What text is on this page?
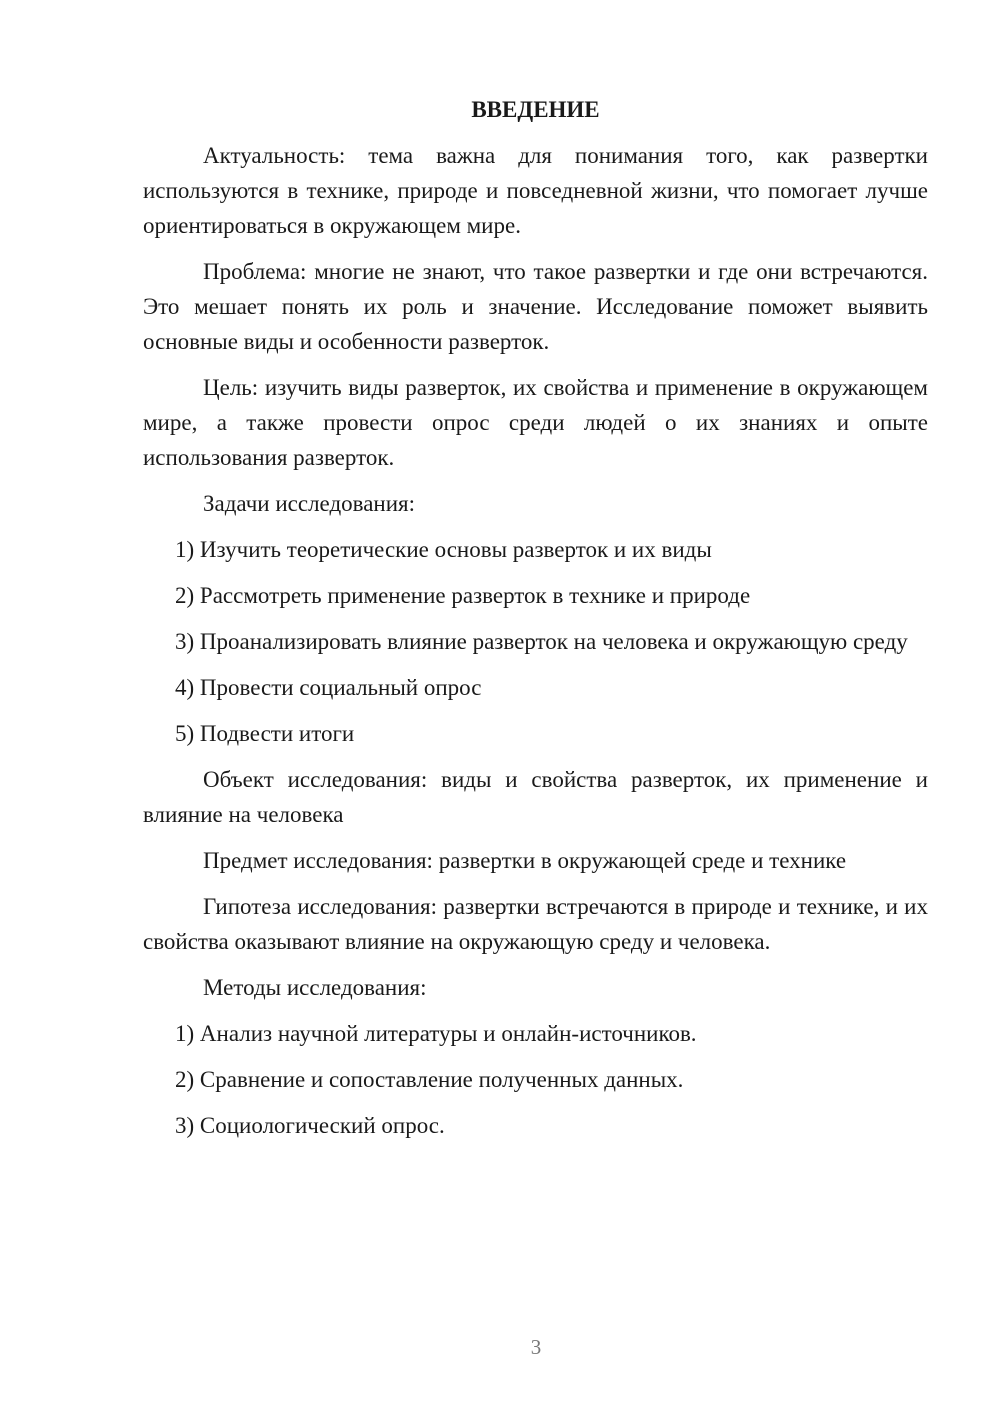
ВВЕДЕНИЕ

Актуальность: тема важна для понимания того, как развертки используются в технике, природе и повседневной жизни, что помогает лучше ориентироваться в окружающем мире.

Проблема: многие не знают, что такое развертки и где они встречаются. Это мешает понять их роль и значение. Исследование поможет выявить основные виды и особенности разверток.

Цель: изучить виды разверток, их свойства и применение в окружающем мире, а также провести опрос среди людей о их знаниях и опыте использования разверток.

Задачи исследования:

1) Изучить теоретические основы разверток и их виды

2) Рассмотреть применение разверток в технике и природе

3) Проанализировать влияние разверток на человека и окружающую среду

4) Провести социальный опрос

5) Подвести итоги

Объект исследования: виды и свойства разверток, их применение и влияние на человека

Предмет исследования: развертки в окружающей среде и технике

Гипотеза исследования: развертки встречаются в природе и технике, и их свойства оказывают влияние на окружающую среду и человека.

Методы исследования:

1) Анализ научной литературы и онлайн-источников.

2) Сравнение и сопоставление полученных данных.

3) Социологический опрос.

3
